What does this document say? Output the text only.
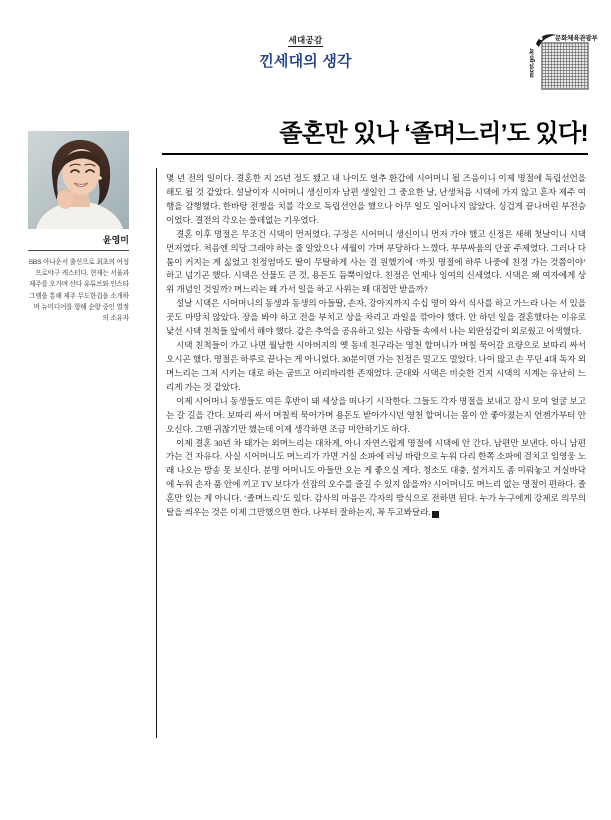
세대공감
낀세대의 생각
문화체육관광부
mcst.go.kr
졸혼만 있나 ‘졸며느리’도 있다!
윤영미
SBS 아나운서 출신으로 최초의 여성 프로야구 캐스터다. 현재는 서울과 제주를 오가며 산다 유튜브와 인스타그램을 통해 제주 무도한집을 소개하며 뉴미디어를 향해 순항 중인 열정의 소유자

몇 년 전의 일이다. 결혼한 지 25년 정도 됐고 내 나이도 얼추 환갑에 시어머니 될 즈음이니 이제 명절에 독립선언을 해도 될 것 같았다. 설날이자 시어머니 생신이자 남편 생일인 그 중요한 날, 난생처음 시댁에 가지 않고 혼자 제주 여행을 감행했다. 한바탕 전쟁을 치를 각오로 독립선언을 했으나 아무 일도 일어나지 않았다. 싱겁게 끝나버린 부전승이었다. 결전의 각오는 쓸데없는 기우였다.

결혼 이후 명절은 무조건 시댁이 먼저였다. 구정은 시어머니 생신이니 먼저 가야 했고 신정은 새해 첫날이니 시댁 먼저였다. 처음엔 의당 그래야 하는 줄 알았으나 세월이 가며 부당하다 느꼈다. 부부싸움의 단골 주제였다. 그러나 다툼이 커지는 게 싫었고 친정엄마도 딸이 무탈하게 사는 걸 원했기에 ‘까짓 명절에 하루 나중에 친정 가는 것쯤이야’ 하고 넘기곤 했다. 시댁은 선물도 큰 것, 용돈도 듬뿍이었다. 친정은 언제나 잉여의 신세였다. 시댁은 왜 여자에게 상위 개념인 것일까? 며느리는 왜 가서 일을 하고 사위는 왜 대접만 받을까?

설날 시댁은 시어머니의 동생과 동생의 아들딸, 손자, 강아지까지 수십 명이 와서 식사를 하고 가느라 나는 서 있을 곳도 마땅치 않았다. 장을 봐야 하고 전을 부치고 상을 차리고 과일을 깎아야 했다. 안 하던 일을 결혼했다는 이유로 낯선 시댁 친척들 앞에서 해야 했다. 같은 추억을 공유하고 있는 사람들 속에서 나는 외딴섬같이 외로웠고 어색했다.

시댁 친척들이 가고 나면 월남한 시아버지의 옛 동네 친구라는 영천 할머니가 며칠 묵어갈 요량으로 보따리 싸서 오시곤 했다. 명절은 하루로 끝나는 게 아니었다. 30분이면 가는 친정은 멀고도 멀었다. 나이 많고 손 무딘 4대 독자 외며느리는 그저 시키는 대로 하는 굼뜨고 어리바리한 존재였다. 군대와 시댁은 비슷한 건지 시댁의 시계는 유난히 느리게 가는 것 같았다.

이제 시어머니 동생들도 여든 후반이 돼 세상을 떠나기 시작한다. 그들도 각자 명절을 보내고 잠시 모여 얼굴 보고는 갈 길을 간다. 보따리 싸서 며칠씩 묵어가며 용돈도 받아가시던 영천 할머니는 몸이 안 좋아졌는지 언젠가부터 안 오신다. 그땐 귀찮기만 했는데 이제 생각하면 조금 미안하기도 하다.

이제 결혼 30년 차 돼가는 외며느리는 대차게, 아니 자연스럽게 명절에 시댁에 안 간다. 남편만 보낸다. 아니 남편 가는 건 자유다. 사실 시어머니도 며느리가 가면 거실 소파에 러닝 바람으로 누워 다리 한쪽 소파에 걸치고 임영웅 노래 나오는 방송 못 보신다. 분명 어머니도 아들만 오는 게 좋으실 게다. 청소도 대충, 설거지도 좀 미뤄놓고 거실바닥에 누워 손자 품 안에 끼고 TV 보다가 선잠의 오수를 즐길 수 있지 않을까? 시어머니도 며느리 없는 명절이 편하다. 졸혼만 있는 게 아니다. ‘졸며느리’도 있다. 감사의 마음은 각자의 방식으로 전하면 된다. 누가 누구에게 강제로 의무의 탈을 씌우는 것은 이제 그만했으면 한다. 나부터 잘하는지, 꼭 두고봐달라. K
